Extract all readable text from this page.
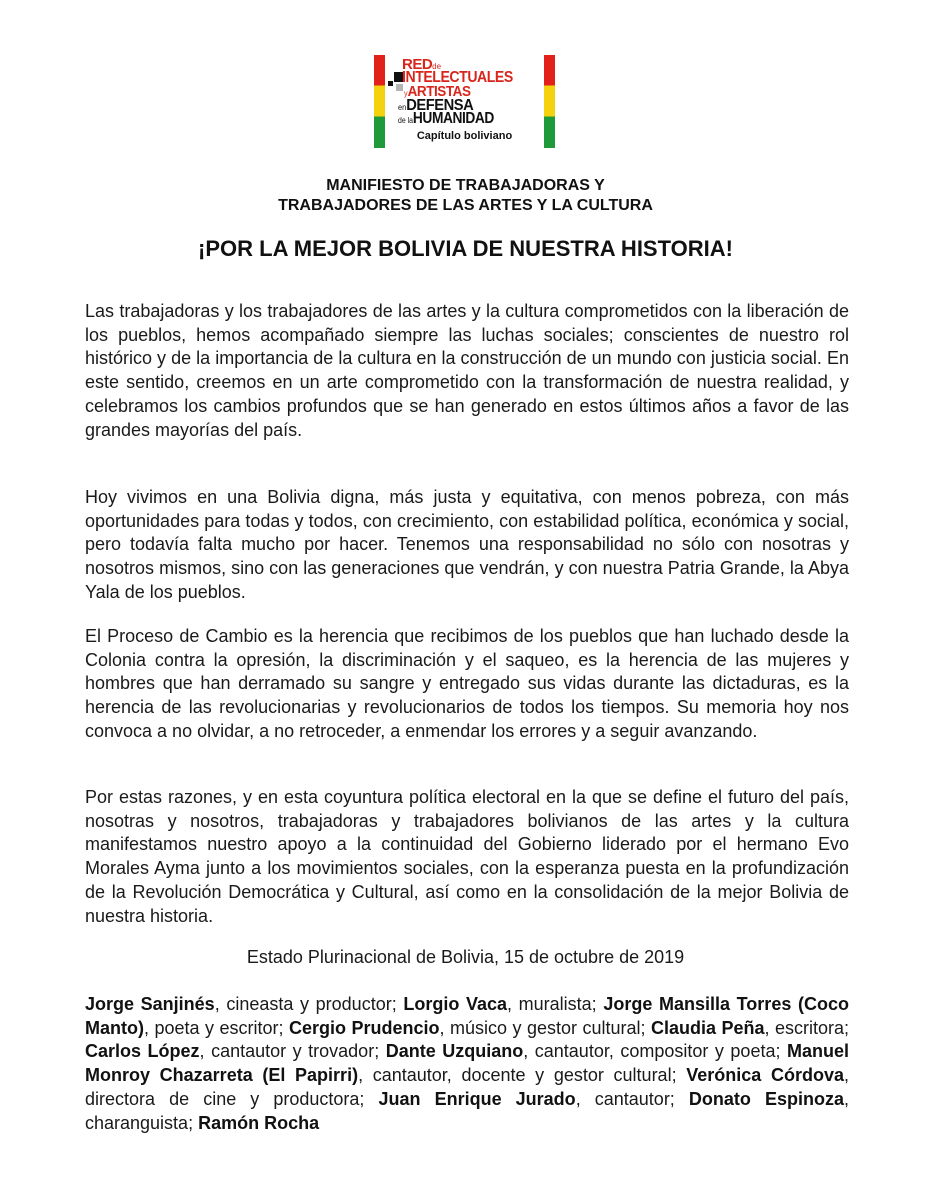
REDde
INTELECTUALES
yARTISTAS
enDEFENSA
de laHUMANIDAD
Capítulo boliviano
MANIFIESTO DE TRABAJADORAS Y
TRABAJADORES DE LAS ARTES Y LA CULTURA
¡POR LA MEJOR BOLIVIA DE NUESTRA HISTORIA!

Las trabajadoras y los trabajadores de las artes y la cultura comprometidos con la liberación de los pueblos, hemos acompañado siempre las luchas sociales; conscientes de nuestro rol histórico y de la importancia de la cultura en la construcción de un mundo con justicia social. En este sentido, creemos en un arte comprometido con la transformación de nuestra realidad, y celebramos los cambios profundos que se han generado en estos últimos años a favor de las grandes mayorías del país.

Hoy vivimos en una Bolivia digna, más justa y equitativa, con menos pobreza, con más oportunidades para todas y todos, con crecimiento, con estabilidad política, económica y social, pero todavía falta mucho por hacer. Tenemos una responsabilidad no sólo con nosotras y nosotros mismos, sino con las generaciones que vendrán, y con nuestra Patria Grande, la Abya Yala de los pueblos.

El Proceso de Cambio es la herencia que recibimos de los pueblos que han luchado desde la Colonia contra la opresión, la discriminación y el saqueo, es la herencia de las mujeres y hombres que han derramado su sangre y entregado sus vidas durante las dictaduras, es la herencia de las revolucionarias y revolucionarios de todos los tiempos. Su memoria hoy nos convoca a no olvidar, a no retroceder, a enmendar los errores y a seguir avanzando.

Por estas razones, y en esta coyuntura política electoral en la que se define el futuro del país, nosotras y nosotros, trabajadoras y trabajadores bolivianos de las artes y la cultura manifestamos nuestro apoyo a la continuidad del Gobierno liderado por el hermano Evo Morales Ayma junto a los movimientos sociales, con la esperanza puesta en la profundización de la Revolución Democrática y Cultural, así como en la consolidación de la mejor Bolivia de nuestra historia.

Estado Plurinacional de Bolivia, 15 de octubre de 2019

Jorge Sanjinés, cineasta y productor; Lorgio Vaca, muralista; Jorge Mansilla Torres (Coco Manto), poeta y escritor; Cergio Prudencio, músico y gestor cultural; Claudia Peña, escritora; Carlos López, cantautor y trovador; Dante Uzquiano, cantautor, compositor y poeta; Manuel Monroy Chazarreta (El Papirri), cantautor, docente y gestor cultural; Verónica Córdova, directora de cine y productora; Juan Enrique Jurado, cantautor; Donato Espinoza, charanguista; Ramón Rocha
